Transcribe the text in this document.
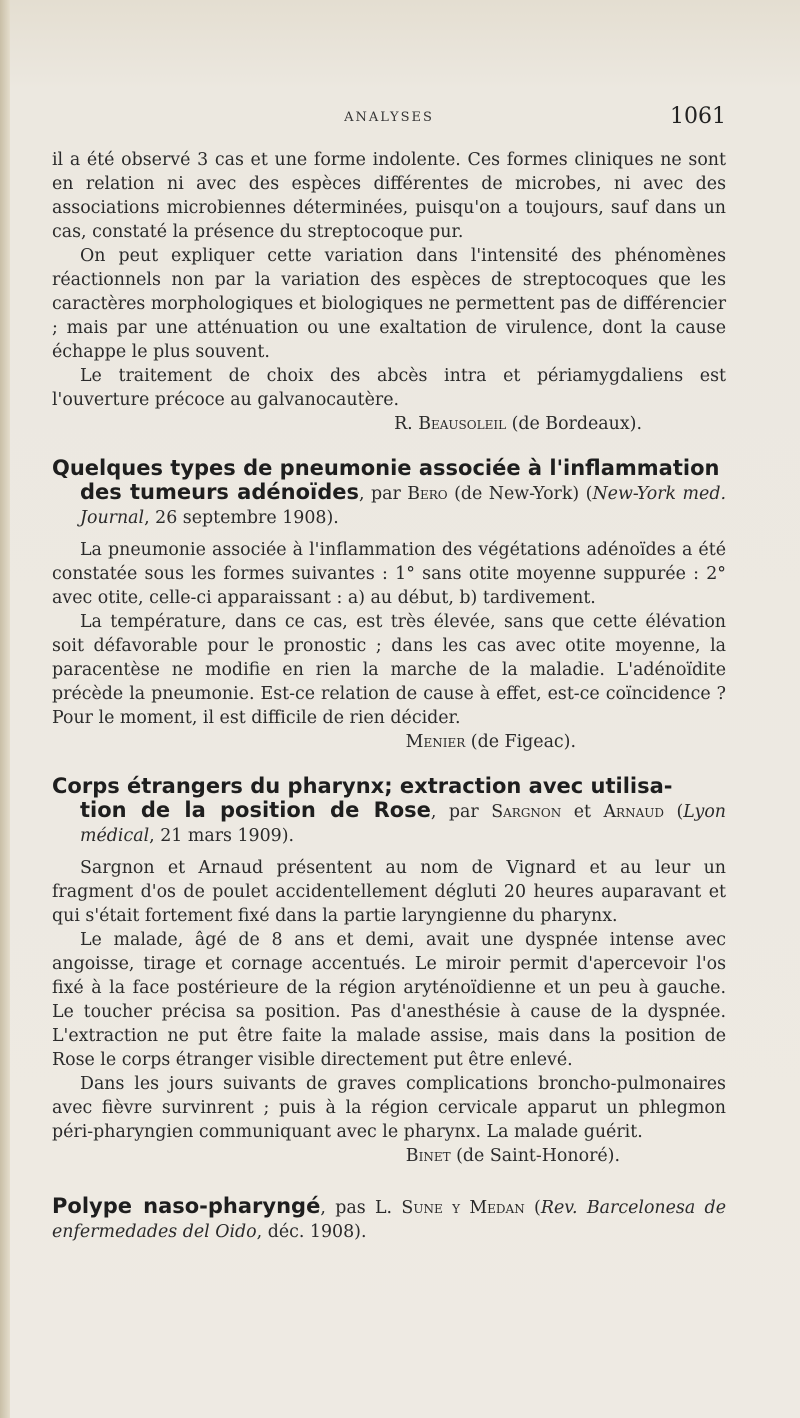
ANALYSES	1061

il a été observé 3 cas et une forme indolente. Ces formes cliniques ne sont en relation ni avec des espèces différentes de microbes, ni avec des associations microbiennes déterminées, puisqu'on a toujours, sauf dans un cas, constaté la présence du streptocoque pur.

On peut expliquer cette variation dans l'intensité des phénomènes réactionnels non par la variation des espèces de streptocoques que les caractères morphologiques et biologiques ne permettent pas de différencier ; mais par une atténuation ou une exaltation de virulence, dont la cause échappe le plus souvent.

Le traitement de choix des abcès intra et périamygdaliens est l'ouverture précoce au galvanocautère.

R. Beausoleil (de Bordeaux).

Quelques types de pneumonie associée à l'inflammation
des tumeurs adénoïdes, par Bero (de New-York) (New-York med. Journal, 26 septembre 1908).

La pneumonie associée à l'inflammation des végétations adénoïdes a été constatée sous les formes suivantes : 1° sans otite moyenne suppurée : 2° avec otite, celle-ci apparaissant : a) au début, b) tardivement.

La température, dans ce cas, est très élevée, sans que cette élévation soit défavorable pour le pronostic ; dans les cas avec otite moyenne, la paracentèse ne modifie en rien la marche de la maladie. L'adénoïdite précède la pneumonie. Est-ce relation de cause à effet, est-ce coïncidence ? Pour le moment, il est difficile de rien décider.

Menier (de Figeac).

Corps étrangers du pharynx; extraction avec utilisa-
tion de la position de Rose, par Sargnon et Arnaud (Lyon médical, 21 mars 1909).

Sargnon et Arnaud présentent au nom de Vignard et au leur un fragment d'os de poulet accidentellement dégluti 20 heures auparavant et qui s'était fortement fixé dans la partie laryngienne du pharynx.

Le malade, âgé de 8 ans et demi, avait une dyspnée intense avec angoisse, tirage et cornage accentués. Le miroir permit d'apercevoir l'os fixé à la face postérieure de la région aryténoïdienne et un peu à gauche. Le toucher précisa sa position. Pas d'anesthésie à cause de la dyspnée. L'extraction ne put être faite la malade assise, mais dans la position de Rose le corps étranger visible directement put être enlevé.

Dans les jours suivants de graves complications broncho-pulmonaires avec fièvre survinrent ; puis à la région cervicale apparut un phlegmon péri-pharyngien communiquant avec le pharynx. La malade guérit.

Binet (de Saint-Honoré).

Polype naso-pharyngé, pas L. Sune y Medan (Rev. Barcelonesa de enfermedades del Oido, déc. 1908).
